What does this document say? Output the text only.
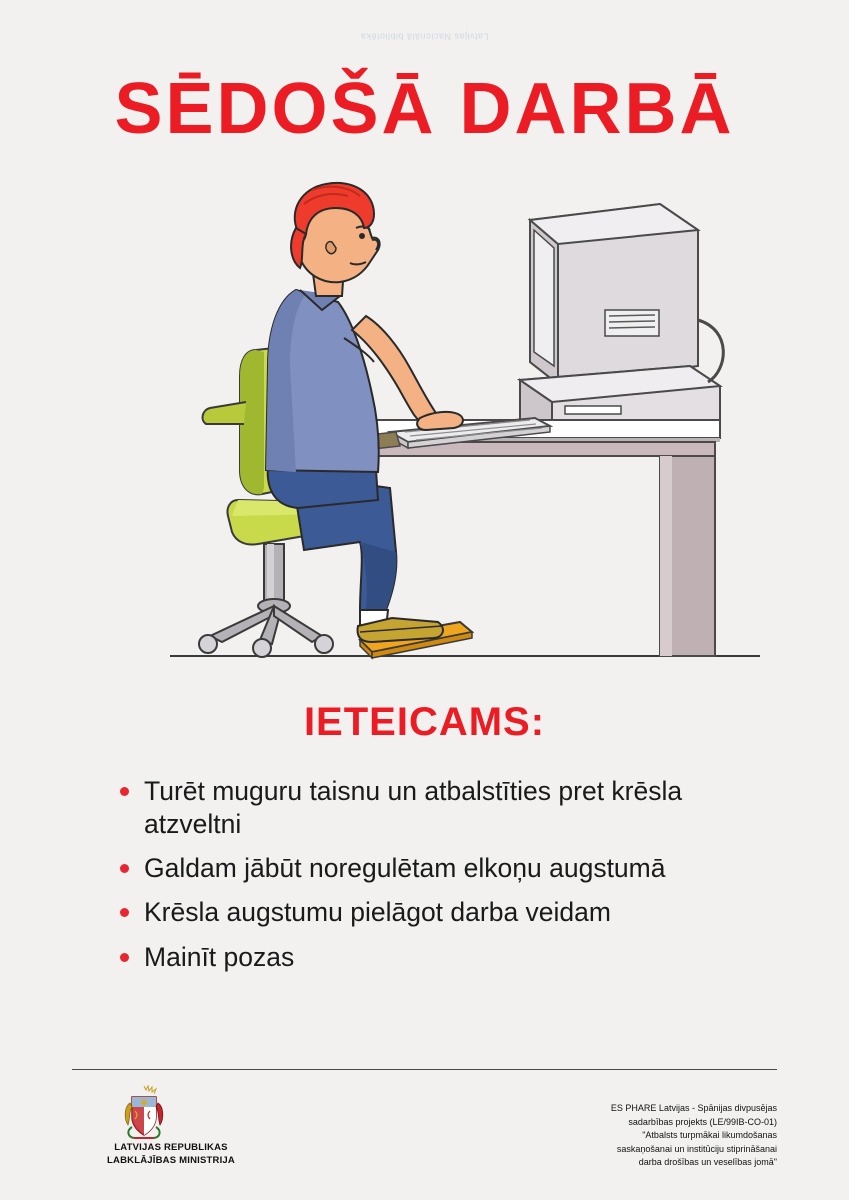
Latvijas Nacionālā bibliotēka
SĒDOŠĀ DARBĀ
IETEICAMS:
Turēt muguru taisnu un atbalstīties pret krēsla atzveltni
Galdam jābūt noregulētam elkoņu augstumā
Krēsla augstumu pielāgot darba veidam
Mainīt pozas
LATVIJAS REPUBLIKAS
LABKLĀJĪBAS MINISTRIJA
ES PHARE Latvijas - Spānijas divpusējas
sadarbības projekts (LE/99IB-CO-01)
"Atbalsts turpmākai likumdošanas
saskaņošanai un institūciju stiprināšanai
darba drošības un veselības jomā"
